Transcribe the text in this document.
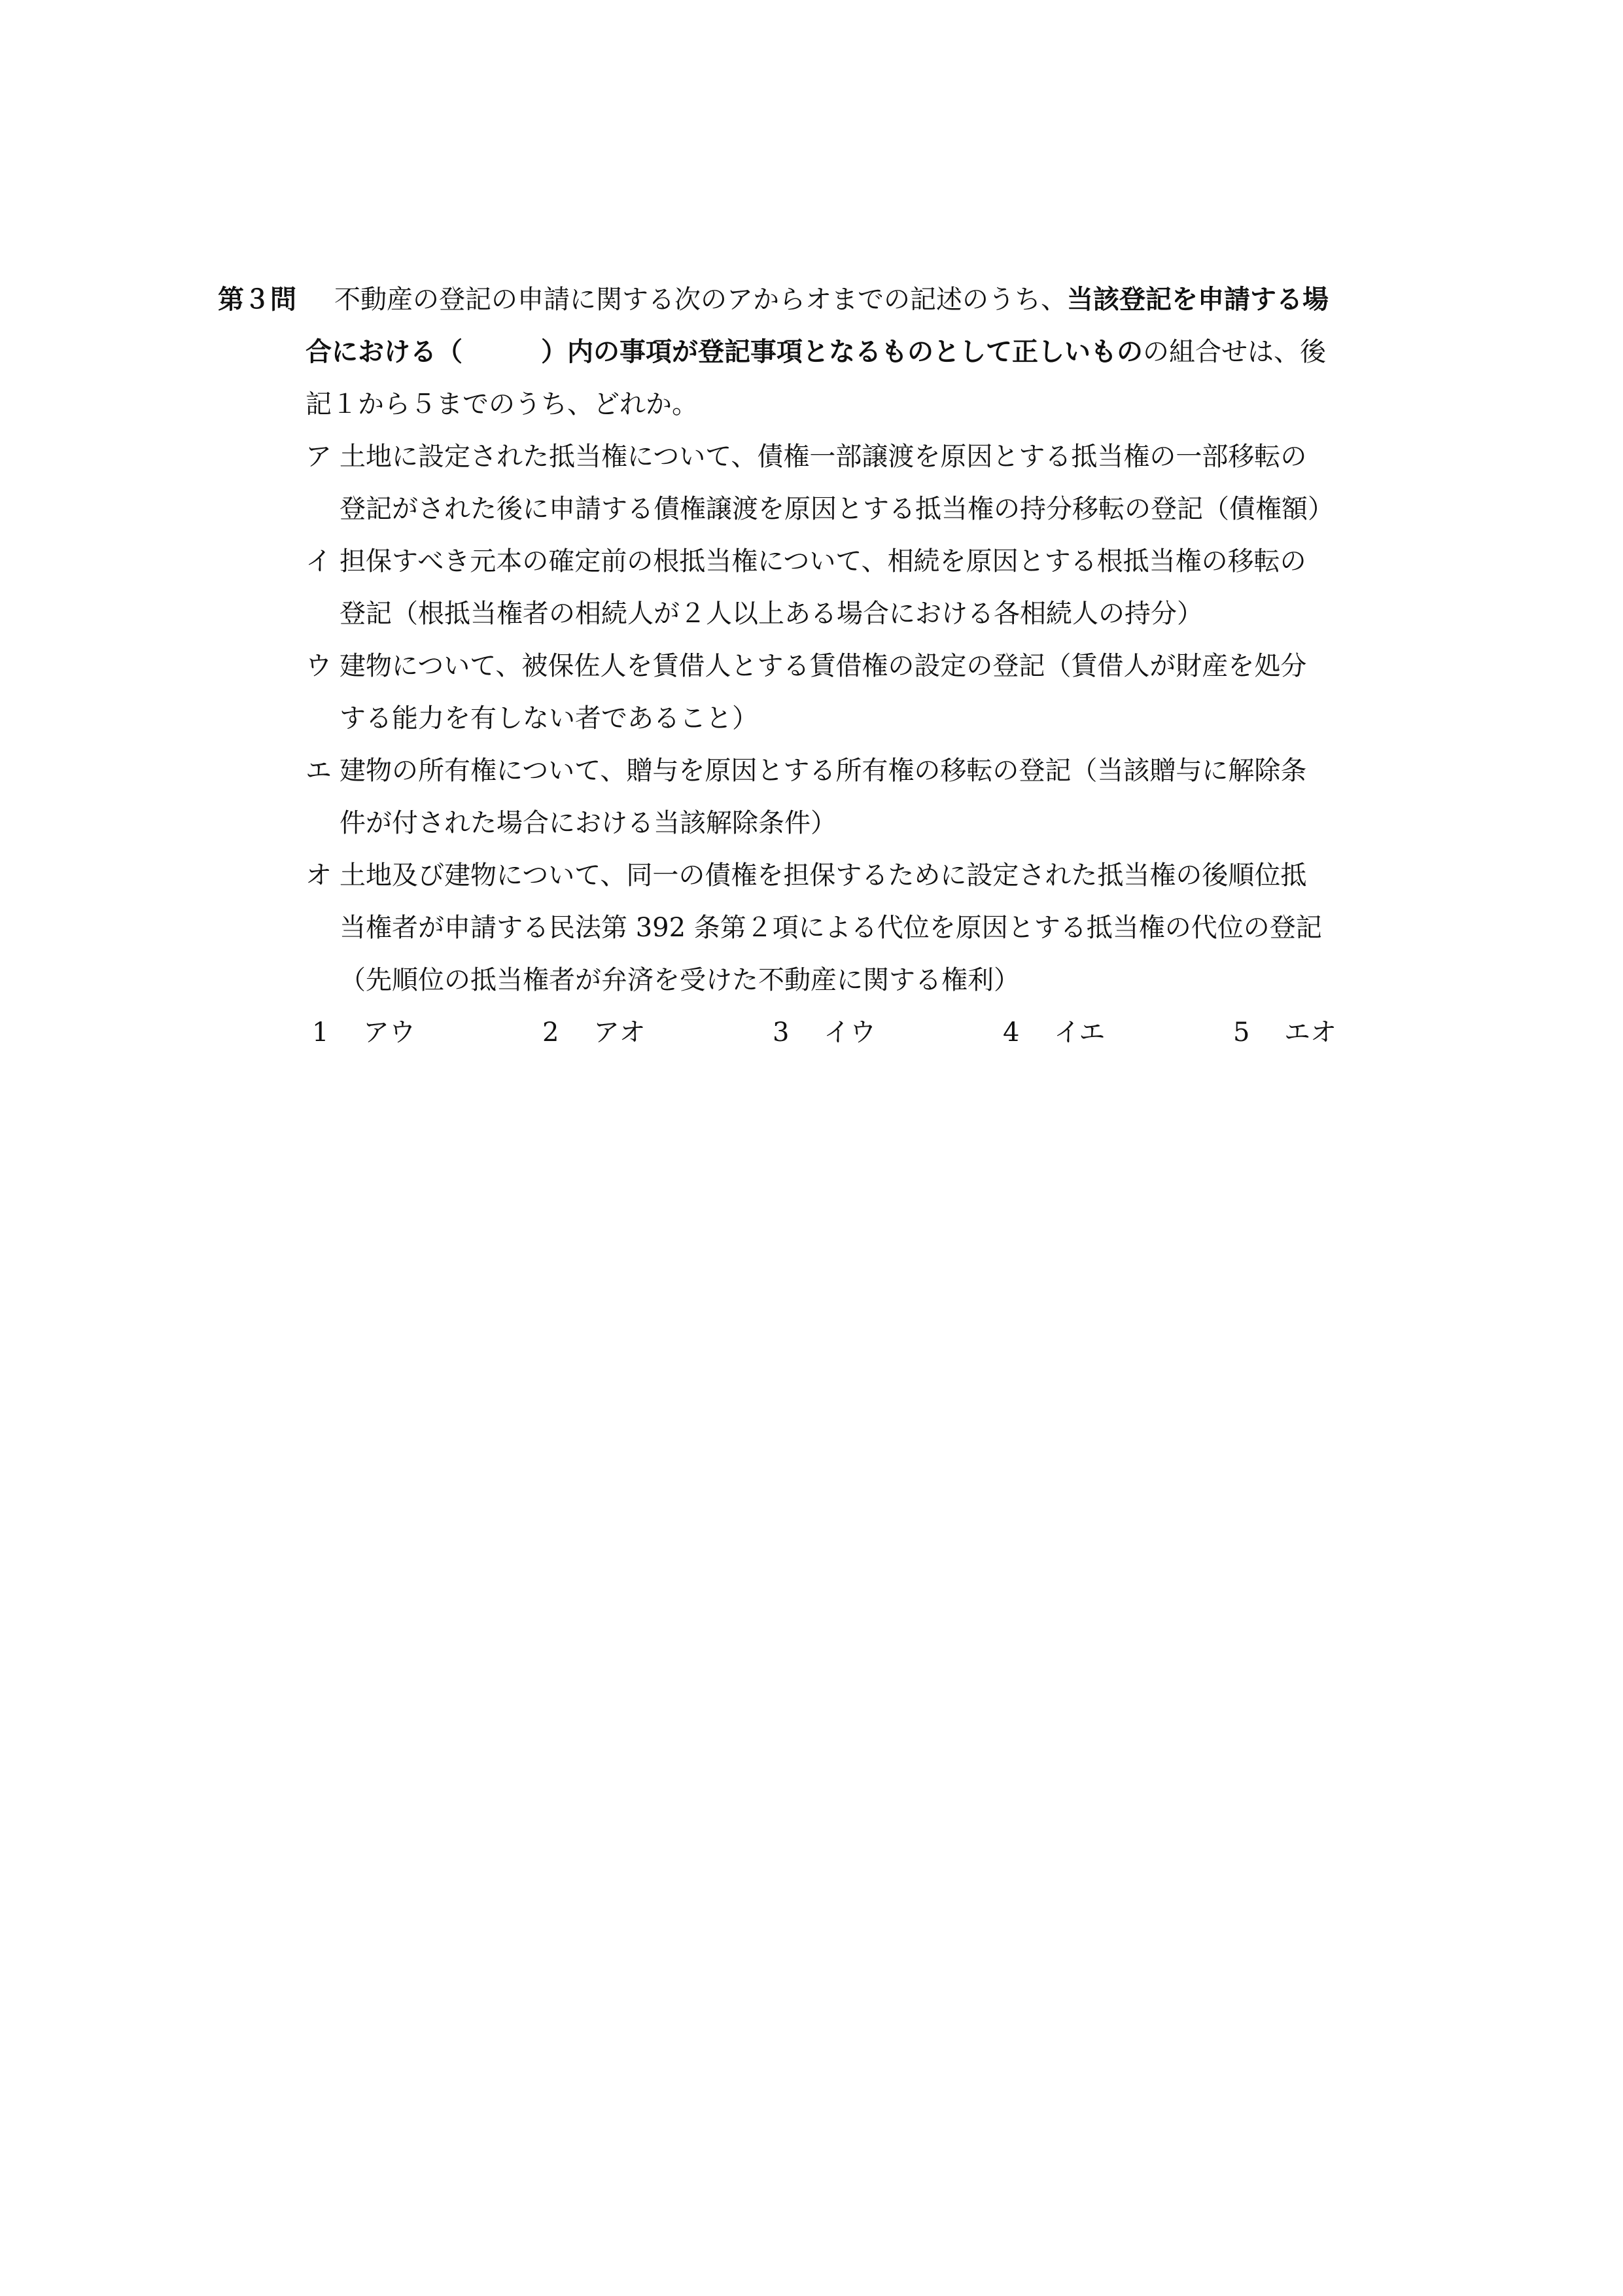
第３問 不動産の登記の申請に関する次のアからオまでの記述のうち、当該登記を申請する場
合における（	）内の事項が登記事項となるものとして正しいものの組合せは、後
記１から５までのうち、どれか。
ア 土地に設定された抵当権について、債権一部譲渡を原因とする抵当権の一部移転の
登記がされた後に申請する債権譲渡を原因とする抵当権の持分移転の登記（債権額）
イ 担保すべき元本の確定前の根抵当権について、相続を原因とする根抵当権の移転の
登記（根抵当権者の相続人が２人以上ある場合における各相続人の持分）
ウ 建物について、被保佐人を賃借人とする賃借権の設定の登記（賃借人が財産を処分
する能力を有しない者であること）
エ 建物の所有権について、贈与を原因とする所有権の移転の登記（当該贈与に解除条
件が付された場合における当該解除条件）
オ 土地及び建物について、同一の債権を担保するために設定された抵当権の後順位抵
当権者が申請する民法第 392 条第２項による代位を原因とする抵当権の代位の登記
（先順位の抵当権者が弁済を受けた不動産に関する権利）
1 アウ	2 アオ	3 イウ	4 イエ	5 エオ
